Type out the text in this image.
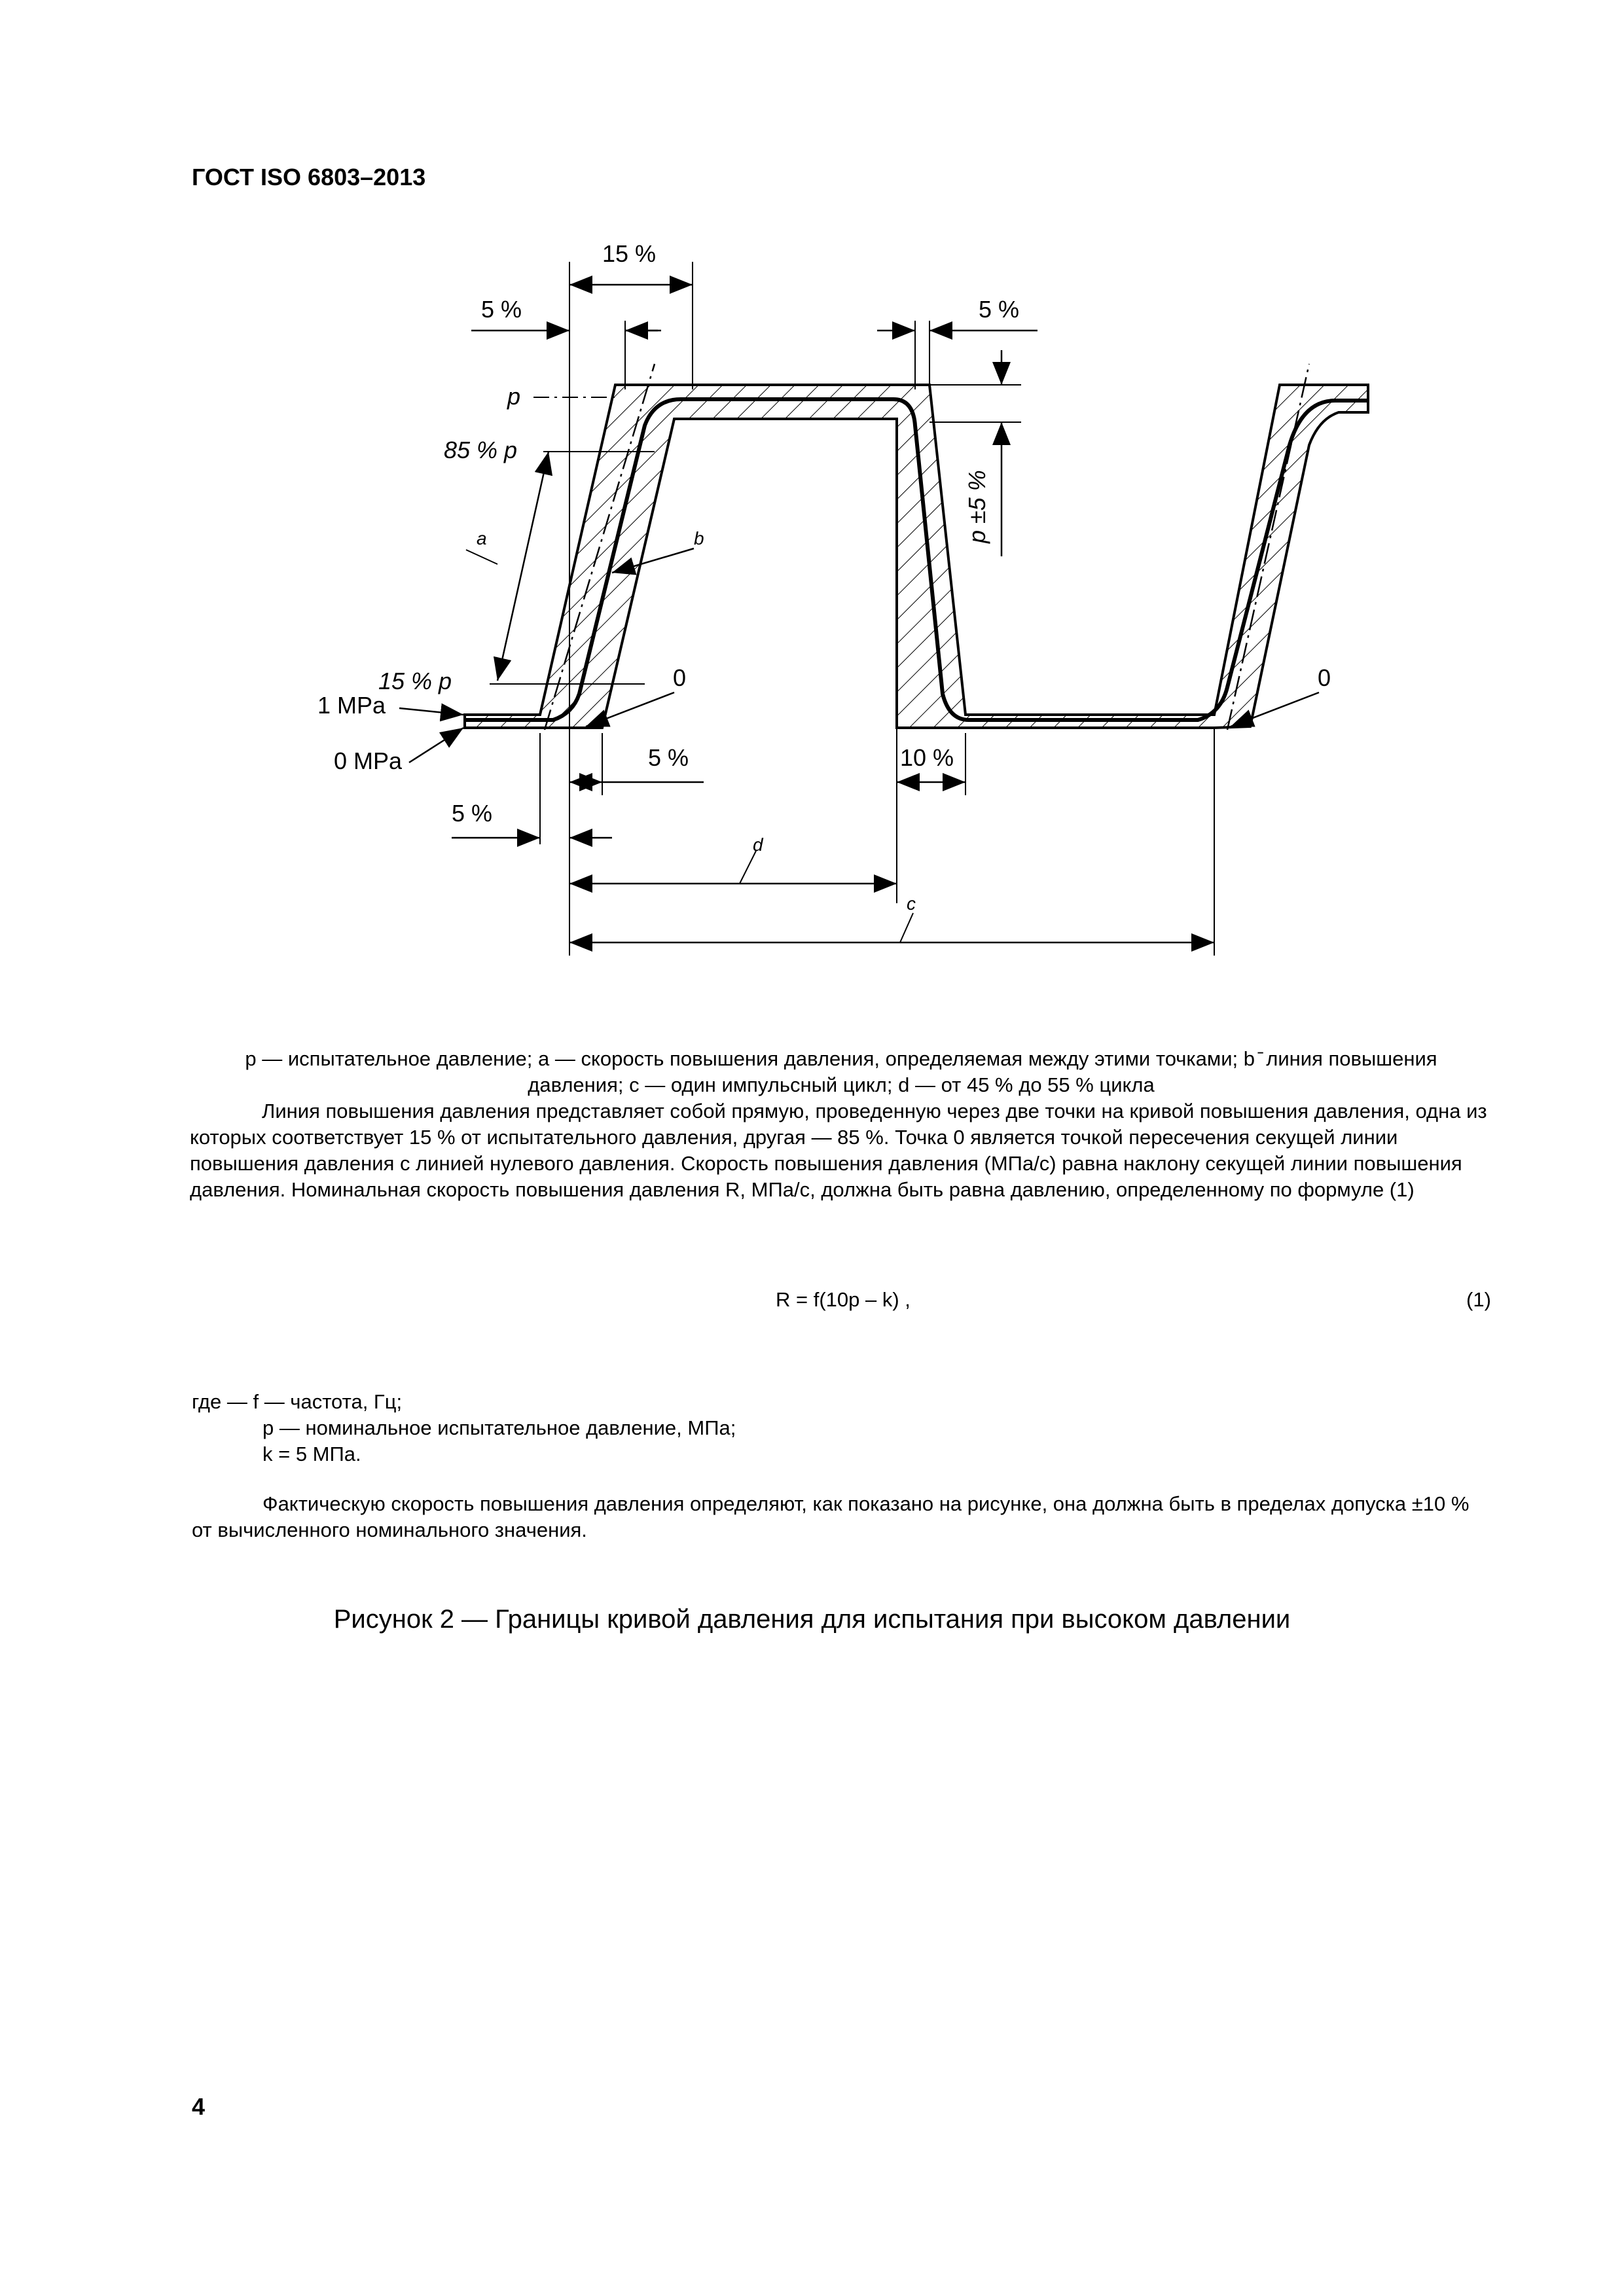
ГОСТ ISO 6803–2013
15 %
5 %	5 %
p
85 % p
15 % p
1 MPa
0 MPa
0	0
5 %	10 %
5 %
a	b
c
d
p ±5 %
p — испытательное давление; a — скорость повышения давления, определяемая между этими точками; b ̄ линия повышения
давления; c — один импульсный цикл; d — от 45 % до 55 % цикла
Линия повышения давления представляет собой прямую, проведенную через две точки на кривой повышения давления, одна из которых соответствует 15 % от испытательного давления, другая — 85 %. Точка 0 является точкой пересечения секущей линии повышения давления с линией нулевого давления. Скорость повышения давления (МПа/с) равна наклону секущей линии повышения давления. Номинальная скорость повышения давления R, МПа/с, должна быть равна давлению, определенному по формуле (1)
R = f(10p – k) ,	(1)
где — f — частота, Гц;
р — номинальное испытательное давление, МПа;
k = 5 МПа.
Фактическую скорость повышения давления определяют, как показано на рисунке, она должна быть в пределах допуска ±10 % от вычисленного номинального значения.
Рисунок 2 — Границы кривой давления для испытания при высоком давлении
4
